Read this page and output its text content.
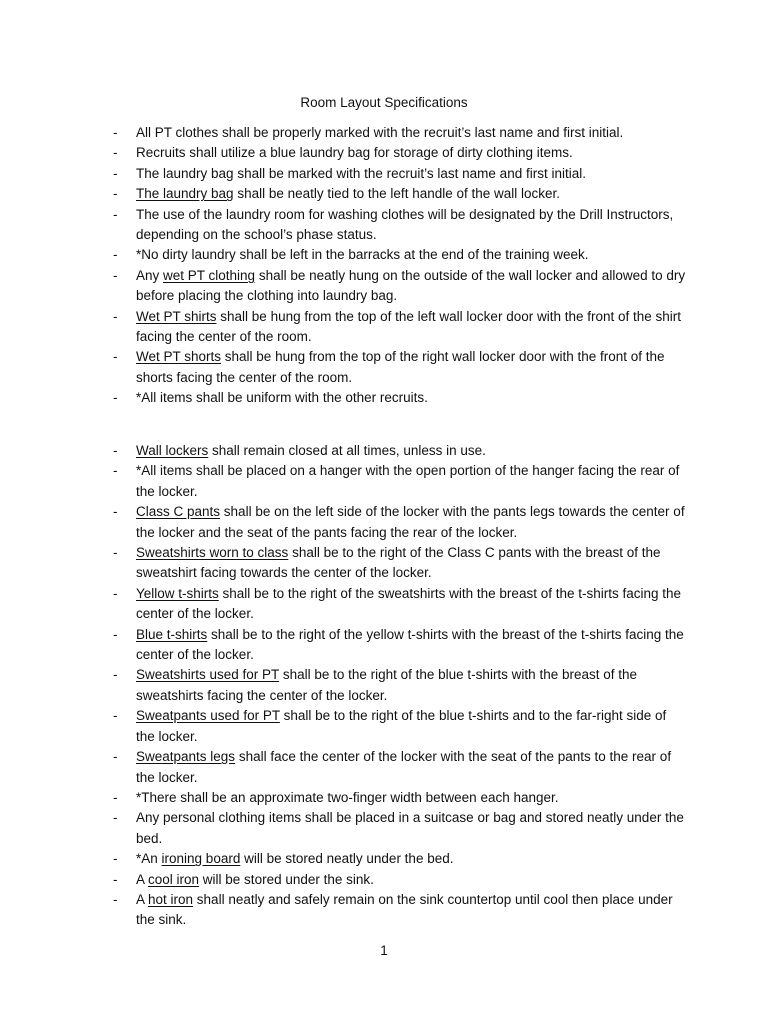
Room Layout Specifications
- All PT clothes shall be properly marked with the recruit’s last name and first initial.
- Recruits shall utilize a blue laundry bag for storage of dirty clothing items.
- The laundry bag shall be marked with the recruit’s last name and first initial.
- The laundry bag shall be neatly tied to the left handle of the wall locker.
- The use of the laundry room for washing clothes will be designated by the Drill Instructors, depending on the school’s phase status.
- *No dirty laundry shall be left in the barracks at the end of the training week.
- Any wet PT clothing shall be neatly hung on the outside of the wall locker and allowed to dry before placing the clothing into laundry bag.
- Wet PT shirts shall be hung from the top of the left wall locker door with the front of the shirt facing the center of the room.
- Wet PT shorts shall be hung from the top of the right wall locker door with the front of the shorts facing the center of the room.
- *All items shall be uniform with the other recruits.
- Wall lockers shall remain closed at all times, unless in use.
- *All items shall be placed on a hanger with the open portion of the hanger facing the rear of the locker.
- Class C pants shall be on the left side of the locker with the pants legs towards the center of the locker and the seat of the pants facing the rear of the locker.
- Sweatshirts worn to class shall be to the right of the Class C pants with the breast of the sweatshirt facing towards the center of the locker.
- Yellow t-shirts shall be to the right of the sweatshirts with the breast of the t-shirts facing the center of the locker.
- Blue t-shirts shall be to the right of the yellow t-shirts with the breast of the t-shirts facing the center of the locker.
- Sweatshirts used for PT shall be to the right of the blue t-shirts with the breast of the sweatshirts facing the center of the locker.
- Sweatpants used for PT shall be to the right of the blue t-shirts and to the far-right side of the locker.
- Sweatpants legs shall face the center of the locker with the seat of the pants to the rear of the locker.
- *There shall be an approximate two-finger width between each hanger.
- Any personal clothing items shall be placed in a suitcase or bag and stored neatly under the bed.
- *An ironing board will be stored neatly under the bed.
- A cool iron will be stored under the sink.
- A hot iron shall neatly and safely remain on the sink countertop until cool then place under the sink.
1
